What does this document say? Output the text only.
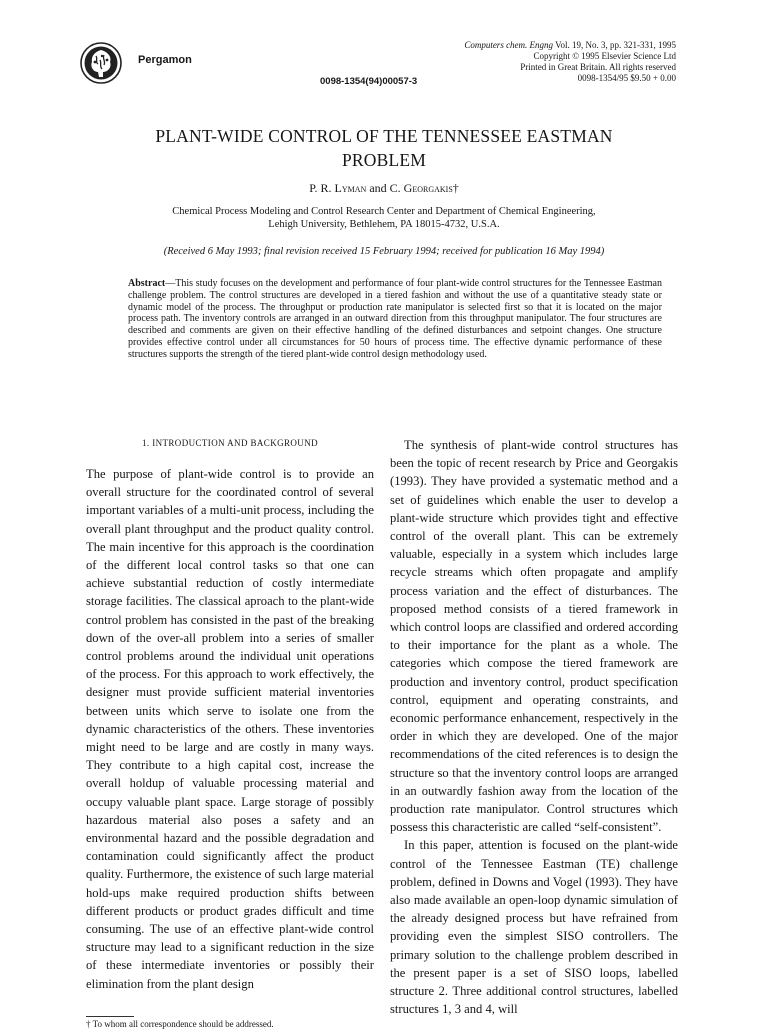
Pergamon
Computers chem. Engng Vol. 19, No. 3, pp. 321-331, 1995
Copyright © 1995 Elsevier Science Ltd
Printed in Great Britain. All rights reserved
0098-1354/95 $9.50 + 0.00
0098-1354(94)00057-3
PLANT-WIDE CONTROL OF THE TENNESSEE EASTMAN
PROBLEM
P. R. Lyman and C. Georgakis†
Chemical Process Modeling and Control Research Center and Department of Chemical Engineering,
Lehigh University, Bethlehem, PA 18015-4732, U.S.A.
(Received 6 May 1993; final revision received 15 February 1994; received for publication 16 May 1994)
Abstract—This study focuses on the development and performance of four plant-wide control structures for the Tennessee Eastman challenge problem. The control structures are developed in a tiered fashion and without the use of a quantitative steady state or dynamic model of the process. The throughput or production rate manipulator is selected first so that it is located on the major process path. The inventory controls are arranged in an outward direction from this throughput manipulator. The four structures are described and comments are given on their effective handling of the defined disturbances and setpoint changes. One structure provides effective control under all circumstances for 50 hours of process time. The effective dynamic performance of these structures supports the strength of the tiered plant-wide control design methodology used.
1. INTRODUCTION AND BACKGROUND

The purpose of plant-wide control is to provide an overall structure for the coordinated control of several important variables of a multi-unit process, including the overall plant throughput and the product quality control. The main incentive for this approach is the coordination of the different local control tasks so that one can achieve substantial reduction of costly intermediate storage facilities. The classical aproach to the plant-wide control problem has consisted in the past of the breaking down of the over-all problem into a series of smaller control problems around the individual unit operations of the process. For this approach to work effectively, the designer must provide sufficient material inventories between units which serve to isolate one from the dynamic characteristics of the others. These inventories might need to be large and are costly in many ways. They contribute to a high capital cost, increase the overall holdup of valuable processing material and occupy valuable plant space. Large storage of possibly hazardous material also poses a safety and an environmental hazard and the possible degradation and contamination could significantly affect the product quality. Furthermore, the existence of such large material hold-ups make required production shifts between different products or product grades difficult and time consuming. The use of an effective plant-wide control structure may lead to a significant reduction in the size of these intermediate inventories or possibly their elimination from the plant design

The synthesis of plant-wide control structures has been the topic of recent research by Price and Georgakis (1993). They have provided a systematic method and a set of guidelines which enable the user to develop a plant-wide structure which provides tight and effective control of the overall plant. This can be extremely valuable, especially in a system which includes large recycle streams which often propagate and amplify process variation and the effect of disturbances. The proposed method consists of a tiered framework in which control loops are classified and ordered according to their importance for the plant as a whole. The categories which compose the tiered framework are production and inventory control, product specification control, equipment and operating constraints, and economic performance enhancement, respectively in the order in which they are developed. One of the major recommendations of the cited references is to design the structure so that the inventory control loops are arranged in an outwardly fashion away from the location of the production rate manipulator. Control structures which possess this characteristic are called “self-consistent”.

In this paper, attention is focused on the plant-wide control of the Tennessee Eastman (TE) challenge problem, defined in Downs and Vogel (1993). They have also made available an open-loop dynamic simulation of the already designed process but have refrained from providing even the simplest SISO controllers. The primary solution to the challenge problem described in the present paper is a set of SISO loops, labelled structure 2. Three additional control structures, labelled structures 1, 3 and 4, will

† To whom all correspondence should be addressed.
